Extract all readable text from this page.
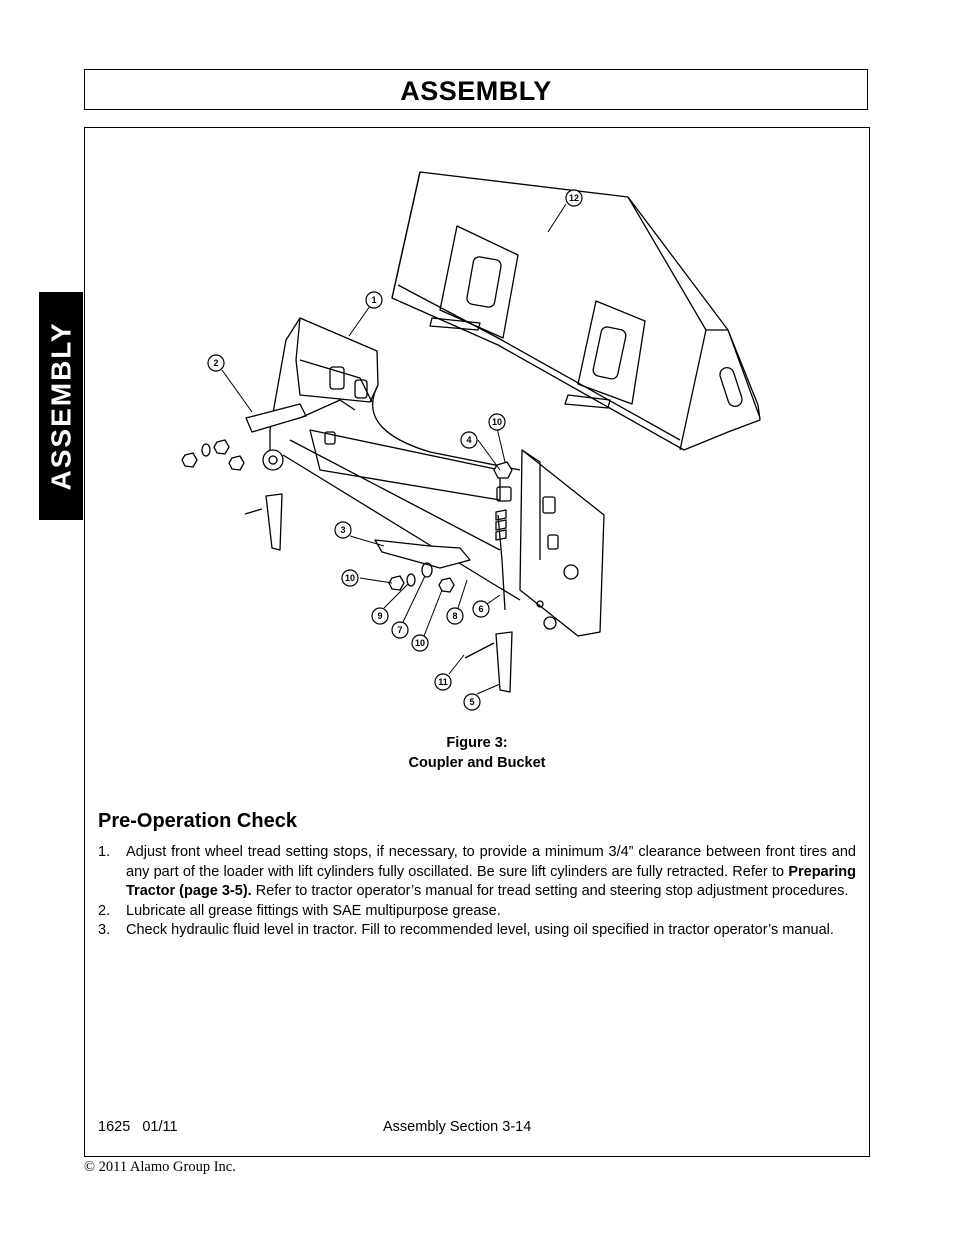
ASSEMBLY
ASSEMBLY
12
1
2
3
4
10
10
9
7
10
8
6
11
5
Figure 3:
Coupler and Bucket
Pre-Operation Check
1.	Adjust front wheel tread setting stops, if necessary, to provide a minimum 3/4” clearance between front tires and any part of the loader with lift cylinders fully oscillated. Be sure lift cylinders are fully retracted. Refer to Preparing Tractor (page 3-5). Refer to tractor operator’s manual for tread setting and steering stop adjustment procedures.
2.	Lubricate all grease fittings with SAE multipurpose grease.
3.	Check hydraulic fluid level in tractor. Fill to recommended level, using oil specified in tractor operator’s manual.
1625   01/11	Assembly Section 3-14
© 2011 Alamo Group Inc.
